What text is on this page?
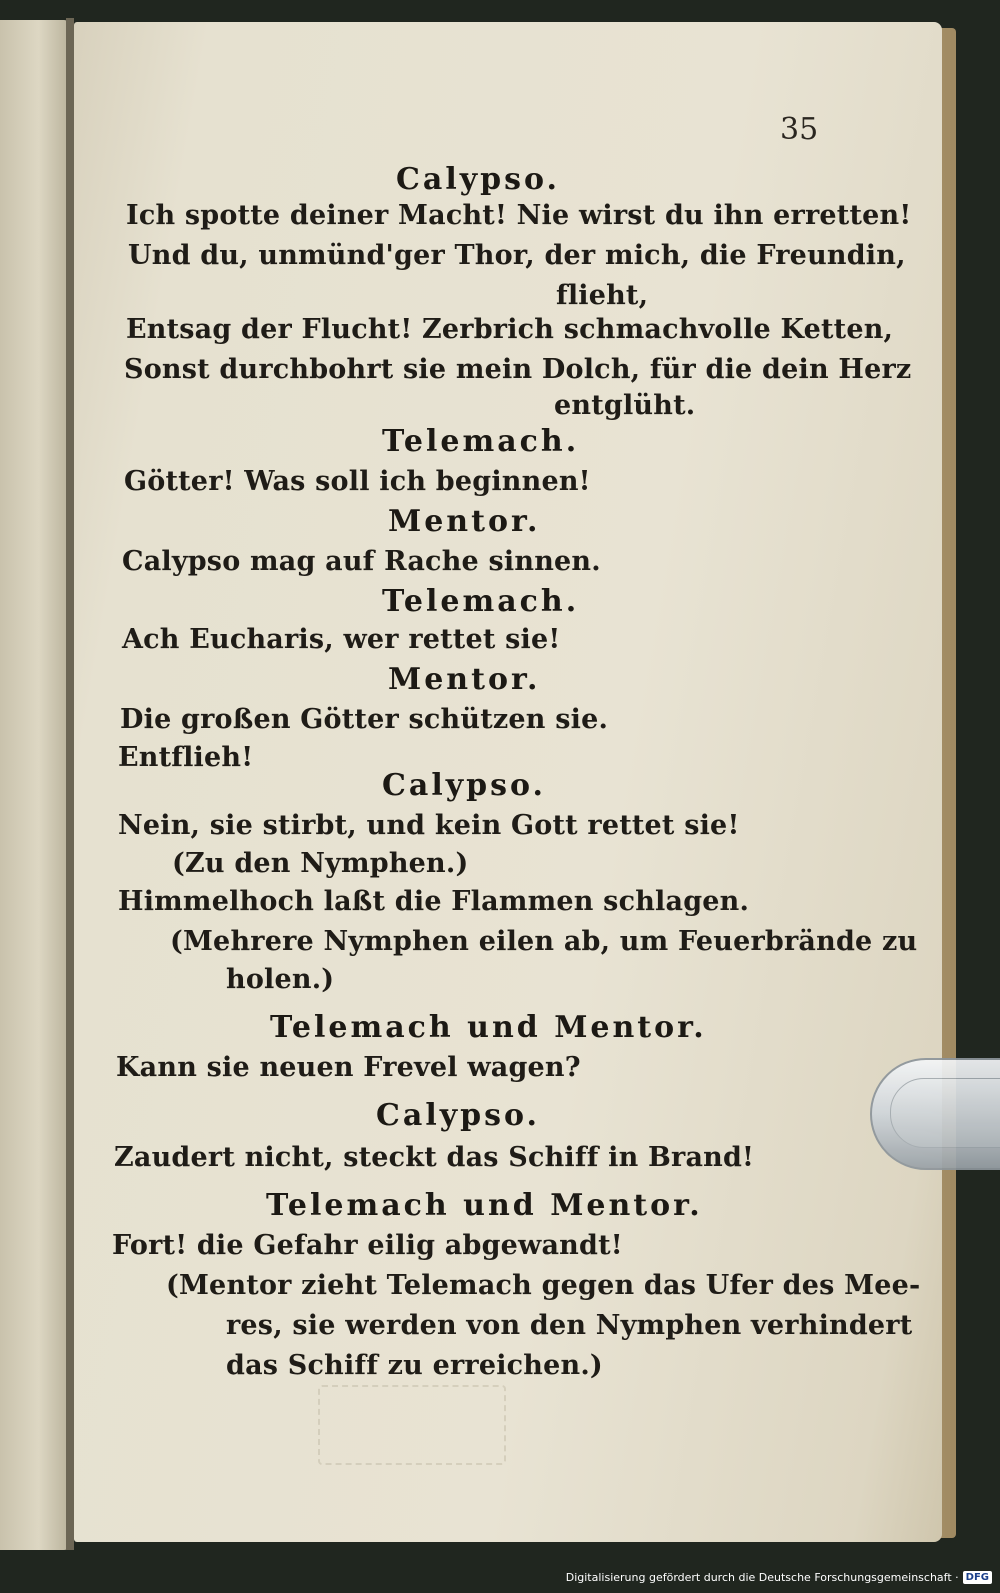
35
Calypso.
Ich spotte deiner Macht! Nie wirst du ihn erretten!
Und du, unmünd'ger Thor, der mich, die Freundin,
flieht,
Entsag der Flucht! Zerbrich schmachvolle Ketten,
Sonst durchbohrt sie mein Dolch, für die dein Herz
entglüht.
Telemach.
Götter! Was soll ich beginnen!
Mentor.
Calypso mag auf Rache sinnen.
Telemach.
Ach Eucharis, wer rettet sie!
Mentor.
Die großen Götter schützen sie.
Entflieh!
Calypso.
Nein, sie stirbt, und kein Gott rettet sie!
(Zu den Nymphen.)
Himmelhoch laßt die Flammen schlagen.
(Mehrere Nymphen eilen ab, um Feuerbrände zu
holen.)
Telemach und Mentor.
Kann sie neuen Frevel wagen?
Calypso.
Zaudert nicht, steckt das Schiff in Brand!
Telemach und Mentor.
Fort! die Gefahr eilig abgewandt!
(Mentor zieht Telemach gegen das Ufer des Mee-
res, sie werden von den Nymphen verhindert
das Schiff zu erreichen.)
Digitalisierung gefördert durch die Deutsche Forschungsgemeinschaft · DFG
